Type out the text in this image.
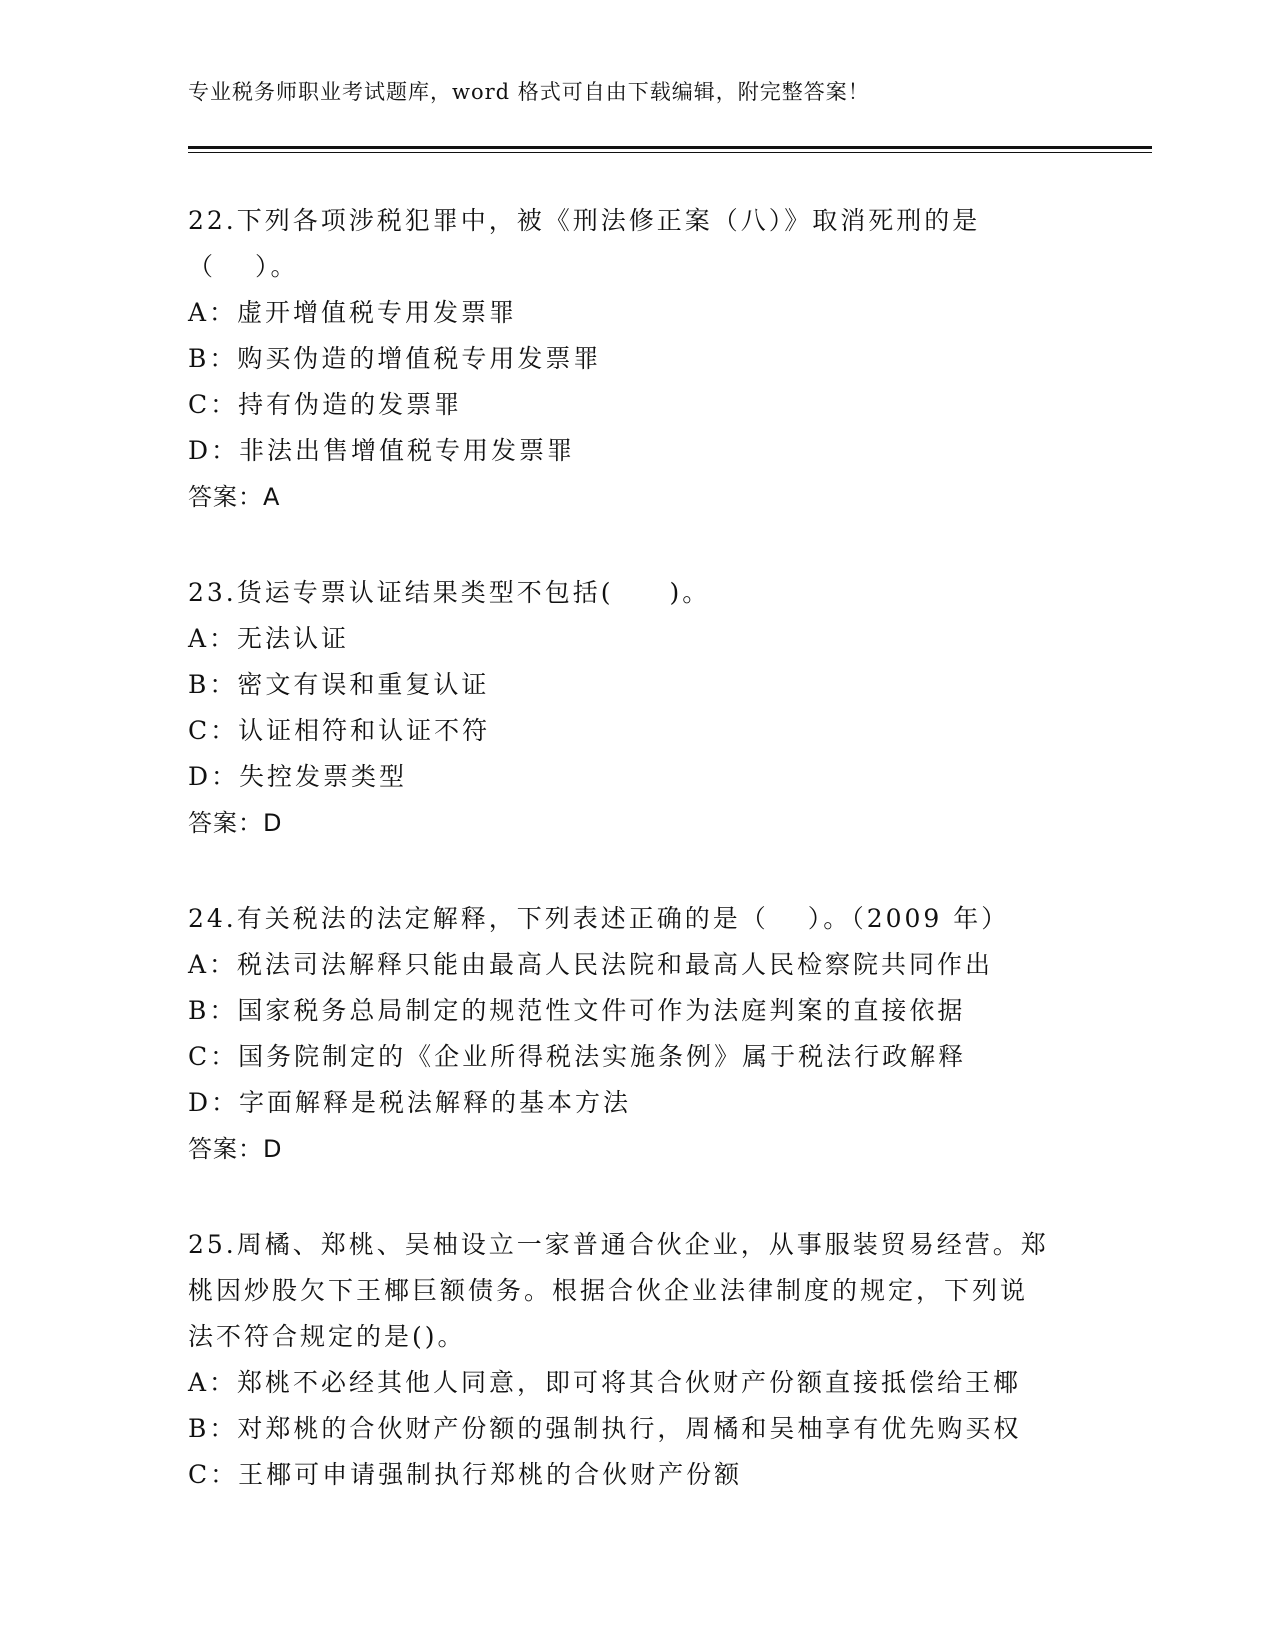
专业税务师职业考试题库，word 格式可自由下载编辑，附完整答案！
22.下列各项涉税犯罪中，被《刑法修正案（八）》取消死刑的是
（　 ）。
A：虚开增值税专用发票罪
B：购买伪造的增值税专用发票罪
C：持有伪造的发票罪
D：非法出售增值税专用发票罪
答案：A
23.货运专票认证结果类型不包括(　　)。
A：无法认证
B：密文有误和重复认证
C：认证相符和认证不符
D：失控发票类型
答案：D
24.有关税法的法定解释，下列表述正确的是（　 ）。（2009 年）
A：税法司法解释只能由最高人民法院和最高人民检察院共同作出
B：国家税务总局制定的规范性文件可作为法庭判案的直接依据
C：国务院制定的《企业所得税法实施条例》属于税法行政解释
D：字面解释是税法解释的基本方法
答案：D
25.周橘、郑桃、吴柚设立一家普通合伙企业，从事服装贸易经营。郑
桃因炒股欠下王椰巨额债务。根据合伙企业法律制度的规定，下列说
法不符合规定的是()。
A：郑桃不必经其他人同意，即可将其合伙财产份额直接抵偿给王椰
B：对郑桃的合伙财产份额的强制执行，周橘和吴柚享有优先购买权
C：王椰可申请强制执行郑桃的合伙财产份额
